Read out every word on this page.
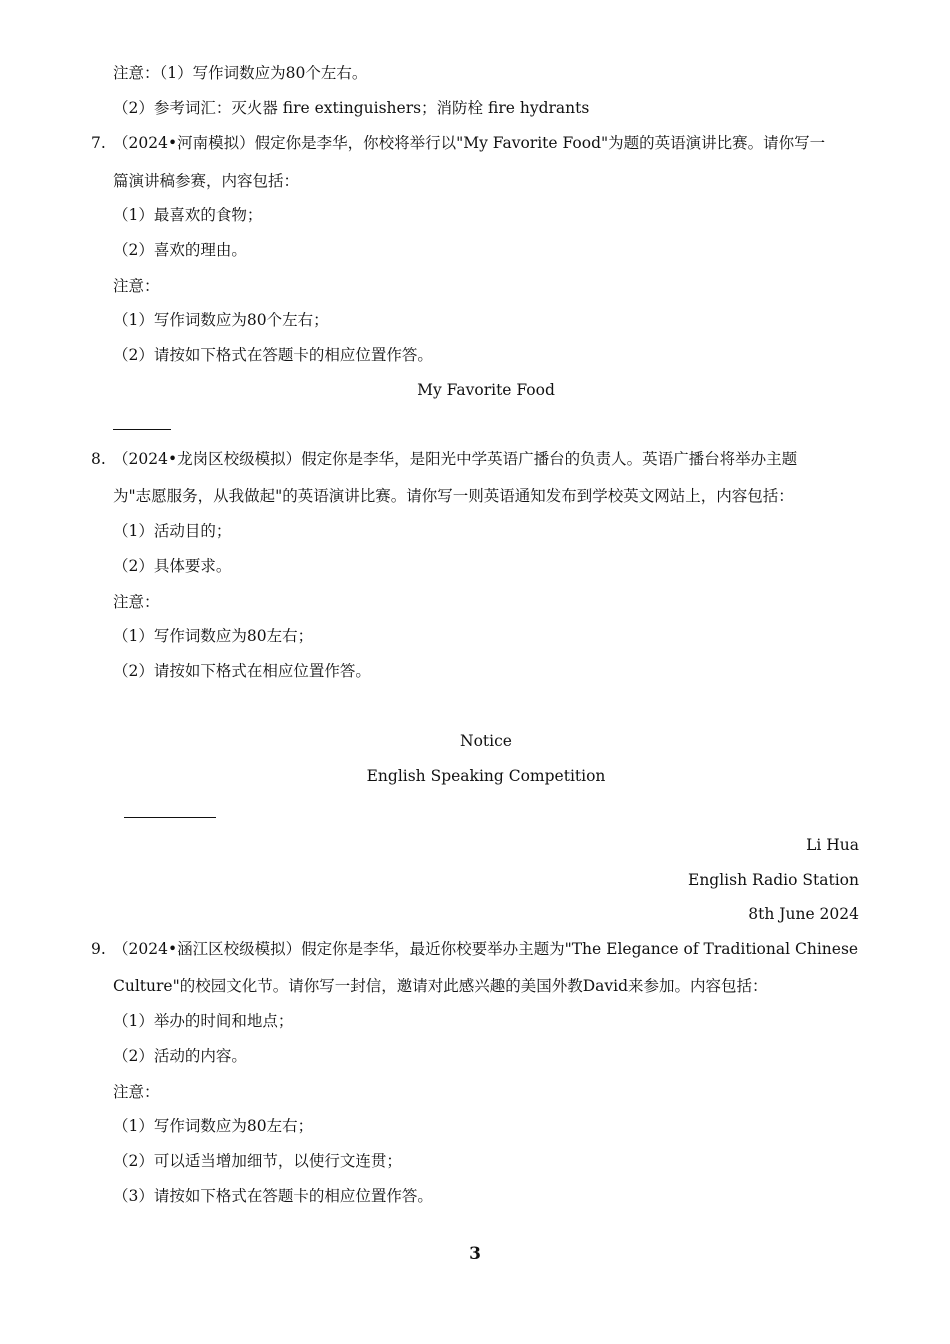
注意：（1）写作词数应为80个左右。
（2）参考词汇：灭火器 fire extinguishers；消防栓 fire hydrants
7. （2024•河南模拟）假定你是李华，你校将举行以"My Favorite Food"为题的英语演讲比赛。请你写一
篇演讲稿参赛，内容包括：
（1）最喜欢的食物；
（2）喜欢的理由。
注意：
（1）写作词数应为80个左右；
（2）请按如下格式在答题卡的相应位置作答。
My Favorite Food
8. （2024•龙岗区校级模拟）假定你是李华，是阳光中学英语广播台的负责人。英语广播台将举办主题
为"志愿服务，从我做起"的英语演讲比赛。请你写一则英语通知发布到学校英文网站上，内容包括：
（1）活动目的；
（2）具体要求。
注意：
（1）写作词数应为80左右；
（2）请按如下格式在相应位置作答。
Notice
English Speaking Competition
Li Hua
English Radio Station
8th June 2024
9. （2024•涵江区校级模拟）假定你是李华，最近你校要举办主题为"The Elegance of Traditional Chinese
Culture"的校园文化节。请你写一封信，邀请对此感兴趣的美国外教David来参加。内容包括：
（1）举办的时间和地点；
（2）活动的内容。
注意：
（1）写作词数应为80左右；
（2）可以适当增加细节，以使行文连贯；
（3）请按如下格式在答题卡的相应位置作答。
3
